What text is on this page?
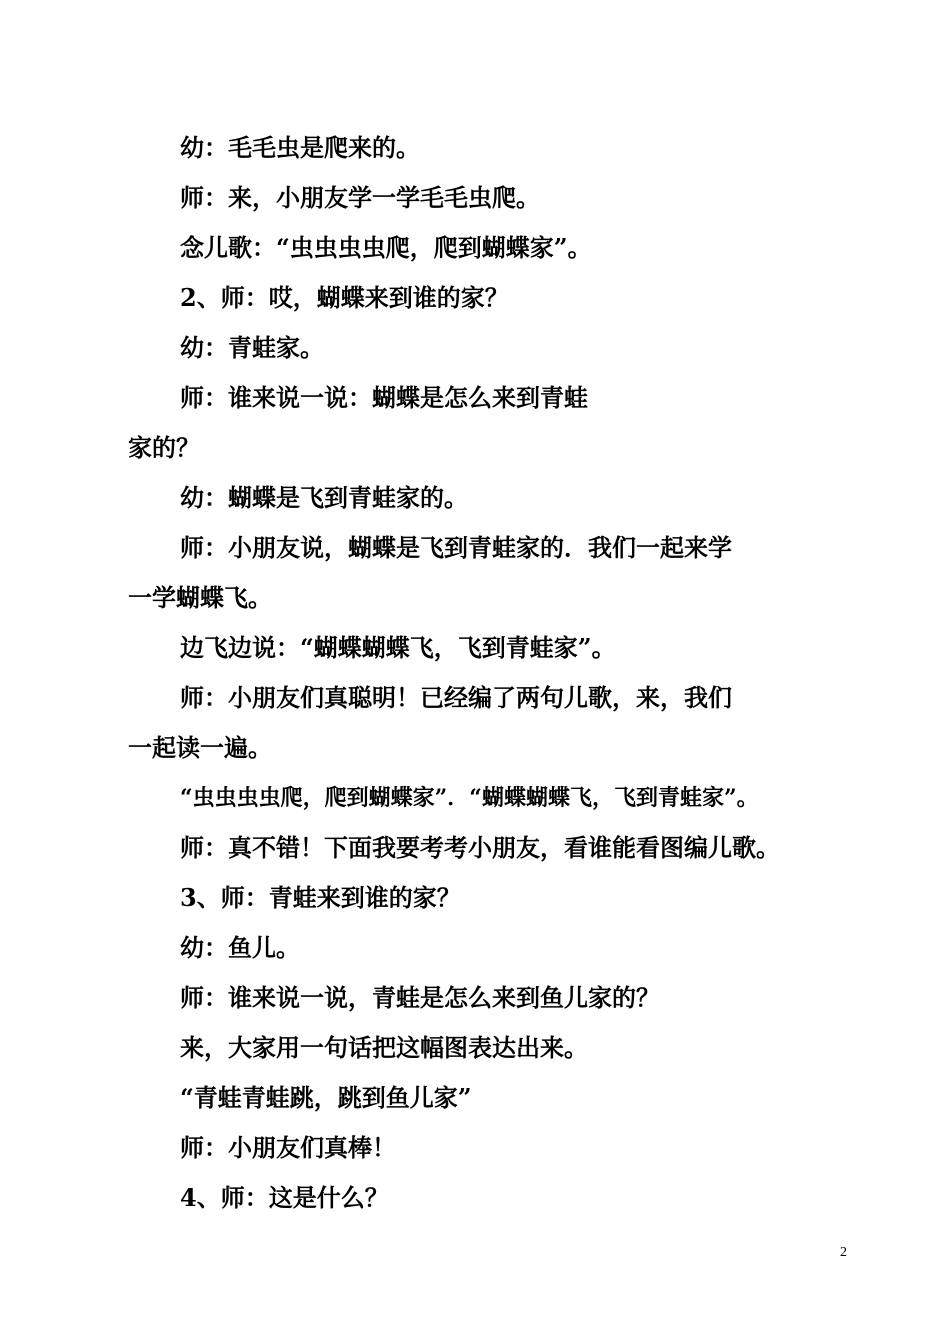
幼：毛毛虫是爬来的。
师：来，小朋友学一学毛毛虫爬。
念儿歌：“虫虫虫虫爬，爬到蝴蝶家”。
2、师：哎，蝴蝶来到谁的家？
幼：青蛙家。
师：谁来说一说：蝴蝶是怎么来到青蛙
家的？
幼：蝴蝶是飞到青蛙家的。
师：小朋友说，蝴蝶是飞到青蛙家的．我们一起来学
一学蝴蝶飞。
边飞边说：“蝴蝶蝴蝶飞，飞到青蛙家”。
师：小朋友们真聪明！已经编了两句儿歌，来，我们
一起读一遍。
“虫虫虫虫爬，爬到蝴蝶家”．“蝴蝶蝴蝶飞，飞到青蛙家”。
师：真不错！下面我要考考小朋友，看谁能看图编儿歌。
3、师：青蛙来到谁的家？
幼：鱼儿。
师：谁来说一说，青蛙是怎么来到鱼儿家的？
来，大家用一句话把这幅图表达出来。
“青蛙青蛙跳，跳到鱼儿家”
师：小朋友们真棒！
4、师：这是什么？
2
